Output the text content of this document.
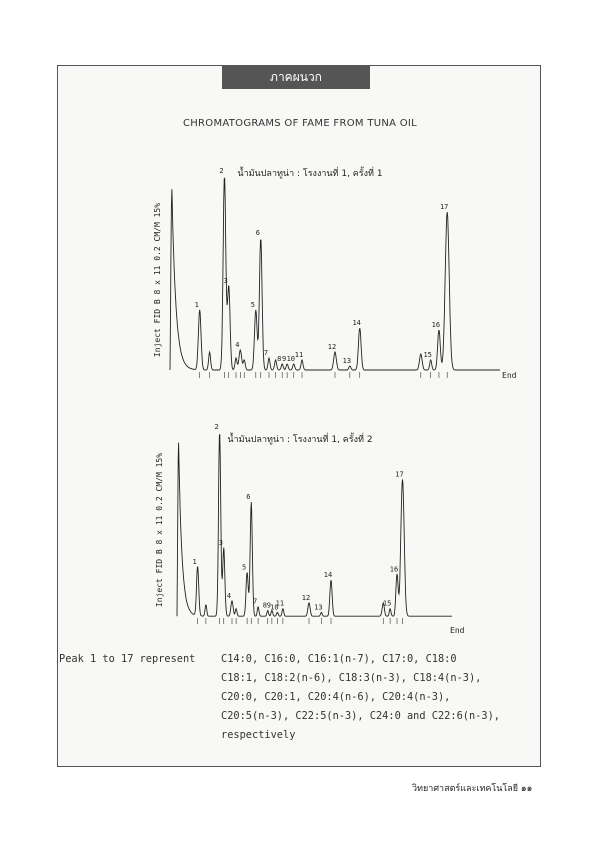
ภาคผนวก
CHROMATOGRAMS OF FAME FROM TUNA OIL
น้ำมันปลาทูน่า : โรงงานที่ 1, ครั้งที่ 1
Inject FID B 8 x 11 0.2 CM/M 15%	1
2
3
4
5
6
7
8 9 10 11
12
13
14
15
16
17
End
น้ำมันปลาทูน่า : โรงงานที่ 1, ครั้งที่ 2
Inject FID B 8 x 11 0.2 CM/M 15%	1
2
3
4
5
6
7 8 9 10
11
12
13
14
15
16
17
End
Peak 1 to 17 represent C14:0, C16:0, C16:1(n-7), C17:0, C18:0
C18:1, C18:2(n-6), C18:3(n-3), C18:4(n-3),
C20:0, C20:1, C20:4(n-6), C20:4(n-3),
C20:5(n-3), C22:5(n-3), C24:0 and C22:6(n-3),
respectively
วิทยาศาสตร์และเทคโนโลยี ๑๑
